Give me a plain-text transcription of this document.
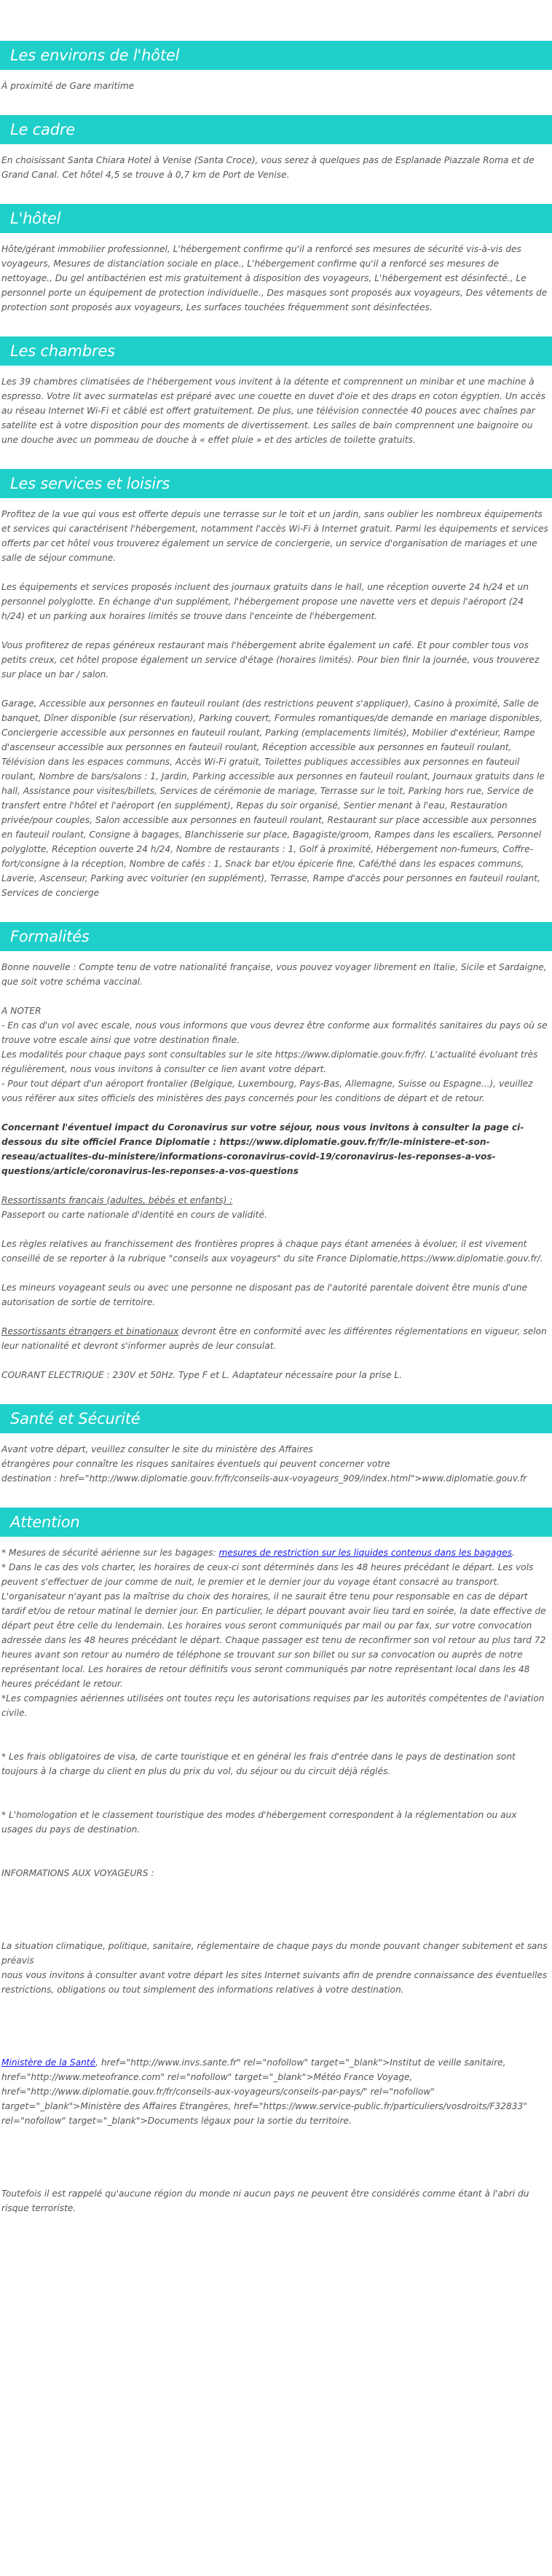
Les environs de l'hôtel

À proximité de Gare maritime

Le cadre

En choisissant Santa Chiara Hotel à Venise (Santa Croce), vous serez à quelques pas de Esplanade Piazzale Roma et de Grand Canal. Cet hôtel 4,5 se trouve à 0,7 km de Port de Venise.

L'hôtel

Hôte/gérant immobilier professionnel, L'hébergement confirme qu'il a renforcé ses mesures de sécurité vis-à-vis des voyageurs, Mesures de distanciation sociale en place., L'hébergement confirme qu'il a renforcé ses mesures de nettoyage., Du gel antibactérien est mis gratuitement à disposition des voyageurs, L'hébergement est désinfecté., Le personnel porte un équipement de protection individuelle., Des masques sont proposés aux voyageurs, Des vêtements de protection sont proposés aux voyageurs, Les surfaces touchées fréquemment sont désinfectées.

Les chambres

Les 39 chambres climatisées de l'hébergement vous invitent à la détente et comprennent un minibar et une machine à espresso. Votre lit avec surmatelas est préparé avec une couette en duvet d'oie et des draps en coton égyptien. Un accès au réseau Internet Wi-Fi et câblé est offert gratuitement. De plus, une télévision connectée 40 pouces avec chaînes par satellite est à votre disposition pour des moments de divertissement. Les salles de bain comprennent une baignoire ou une douche avec un pommeau de douche à « effet pluie » et des articles de toilette gratuits.

Les services et loisirs

Profitez de la vue qui vous est offerte depuis une terrasse sur le toit et un jardin, sans oublier les nombreux équipements et services qui caractérisent l'hébergement, notamment l'accès Wi-Fi à Internet gratuit. Parmi les équipements et services offerts par cet hôtel vous trouverez également un service de conciergerie, un service d'organisation de mariages et une salle de séjour commune.

Les équipements et services proposés incluent des journaux gratuits dans le hall, une réception ouverte 24 h/24 et un personnel polyglotte. En échange d'un supplément, l'hébergement propose une navette vers et depuis l'aéroport (24 h/24) et un parking aux horaires limités se trouve dans l'enceinte de l'hébergement.

Vous profiterez de repas généreux restaurant mais l'hébergement abrite également un café. Et pour combler tous vos petits creux, cet hôtel propose également un service d'étage (horaires limités). Pour bien finir la journée, vous trouverez sur place un bar / salon.

Garage, Accessible aux personnes en fauteuil roulant (des restrictions peuvent s'appliquer), Casino à proximité, Salle de banquet, Dîner disponible (sur réservation), Parking couvert, Formules romantiques/de demande en mariage disponibles, Conciergerie accessible aux personnes en fauteuil roulant, Parking (emplacements limités), Mobilier d'extérieur, Rampe d'ascenseur accessible aux personnes en fauteuil roulant, Réception accessible aux personnes en fauteuil roulant, Télévision dans les espaces communs, Accès Wi-Fi gratuit, Toilettes publiques accessibles aux personnes en fauteuil roulant, Nombre de bars/salons : 1, Jardin, Parking accessible aux personnes en fauteuil roulant, Journaux gratuits dans le hall, Assistance pour visites/billets, Services de cérémonie de mariage, Terrasse sur le toit, Parking hors rue, Service de transfert entre l'hôtel et l'aéroport (en supplément), Repas du soir organisé, Sentier menant à l'eau, Restauration privée/pour couples, Salon accessible aux personnes en fauteuil roulant, Restaurant sur place accessible aux personnes en fauteuil roulant, Consigne à bagages, Blanchisserie sur place, Bagagiste/groom, Rampes dans les escaliers, Personnel polyglotte, Réception ouverte 24 h/24, Nombre de restaurants : 1, Golf à proximité, Hébergement non-fumeurs, Coffre-fort/consigne à la réception, Nombre de cafés : 1, Snack bar et/ou épicerie fine, Café/thé dans les espaces communs, Laverie, Ascenseur, Parking avec voiturier (en supplément), Terrasse, Rampe d'accès pour personnes en fauteuil roulant, Services de concierge

Formalités

Bonne nouvelle : Compte tenu de votre nationalité française, vous pouvez voyager librement en Italie, Sicile et Sardaigne, que soit votre schéma vaccinal.

A NOTER

- En cas d'un vol avec escale, nous vous informons que vous devrez être conforme aux formalités sanitaires du pays où se trouve votre escale ainsi que votre destination finale.

Les modalités pour chaque pays sont consultables sur le site https://www.diplomatie.gouv.fr/fr/. L'actualité évoluant très régulièrement, nous vous invitons à consulter ce lien avant votre départ.

- Pour tout départ d'un aéroport frontalier (Belgique, Luxembourg, Pays-Bas, Allemagne, Suisse ou Espagne...), veuillez vous référer aux sites officiels des ministères des pays concernés pour les conditions de départ et de retour.

Concernant l'éventuel impact du Coronavirus sur votre séjour, nous vous invitons à consulter la page ci-dessous du site officiel France Diplomatie : https://www.diplomatie.gouv.fr/fr/le-ministere-et-son-reseau/actualites-du-ministere/informations-coronavirus-covid-19/coronavirus-les-reponses-a-vos-questions/article/coronavirus-les-reponses-a-vos-questions

Ressortissants français (adultes, bébés et enfants) :

Passeport ou carte nationale d'identité en cours de validité.

Les règles relatives au franchissement des frontières propres à chaque pays étant amenées à évoluer, il est vivement conseillé de se reporter à la rubrique "conseils aux voyageurs" du site France Diplomatie,https://www.diplomatie.gouv.fr/.

Les mineurs voyageant seuls ou avec une personne ne disposant pas de l'autorité parentale doivent être munis d'une autorisation de sortie de territoire.

Ressortissants étrangers et binationaux devront être en conformité avec les différentes réglementations en vigueur, selon leur nationalité et devront s'informer auprès de leur consulat.

COURANT ELECTRIQUE : 230V et 50Hz. Type F et L. Adaptateur nécessaire pour la prise L.

Santé et Sécurité

Avant votre départ, veuillez consulter le site du ministère des Affaires

étrangères pour connaître les risques sanitaires éventuels qui peuvent concerner votre

destination : href="http://www.diplomatie.gouv.fr/fr/conseils-aux-voyageurs_909/index.html">www.diplomatie.gouv.fr

Attention

* Mesures de sécurité aérienne sur les bagages: mesures de restriction sur les liquides contenus dans les bagages.

* Dans le cas des vols charter, les horaires de ceux-ci sont déterminés dans les 48 heures précédant le départ. Les vols peuvent s'effectuer de jour comme de nuit, le premier et le dernier jour du voyage étant consacré au transport. L'organisateur n'ayant pas la maîtrise du choix des horaires, il ne saurait être tenu pour responsable en cas de départ tardif et/ou de retour matinal le dernier jour. En particulier, le départ pouvant avoir lieu tard en soirée, la date effective de départ peut être celle du lendemain. Les horaires vous seront communiqués par mail ou par fax, sur votre convocation adressée dans les 48 heures précédant le départ. Chaque passager est tenu de reconfirmer son vol retour au plus tard 72 heures avant son retour au numéro de téléphone se trouvant sur son billet ou sur sa convocation ou auprès de notre représentant local. Les horaires de retour définitifs vous seront communiqués par notre représentant local dans les 48 heures précédant le retour.

*Les compagnies aériennes utilisées ont toutes reçu les autorisations requises par les autorités compétentes de l'aviation civile.

* Les frais obligatoires de visa, de carte touristique et en général les frais d'entrée dans le pays de destination sont toujours à la charge du client en plus du prix du vol, du séjour ou du circuit déjà réglés.

* L'homologation et le classement touristique des modes d'hébergement correspondent à la réglementation ou aux usages du pays de destination.

INFORMATIONS AUX VOYAGEURS :

La situation climatique, politique, sanitaire, réglementaire de chaque pays du monde pouvant changer subitement et sans préavis
nous vous invitons à consulter avant votre départ les sites Internet suivants afin de prendre connaissance des éventuelles restrictions, obligations ou tout simplement des informations relatives à votre destination.

Ministère de la Santé, href="http://www.invs.sante.fr" rel="nofollow" target="_blank">Institut de veille sanitaire, href="http://www.meteofrance.com" rel="nofollow" target="_blank">Météo France Voyage, href="http://www.diplomatie.gouv.fr/fr/conseils-aux-voyageurs/conseils-par-pays/" rel="nofollow" target="_blank">Ministère des Affaires Etrangères, href="https://www.service-public.fr/particuliers/vosdroits/F32833" rel="nofollow" target="_blank">Documents légaux pour la sortie du territoire.

Toutefois il est rappelé qu'aucune région du monde ni aucun pays ne peuvent être considérés comme étant à l'abri du risque terroriste.
